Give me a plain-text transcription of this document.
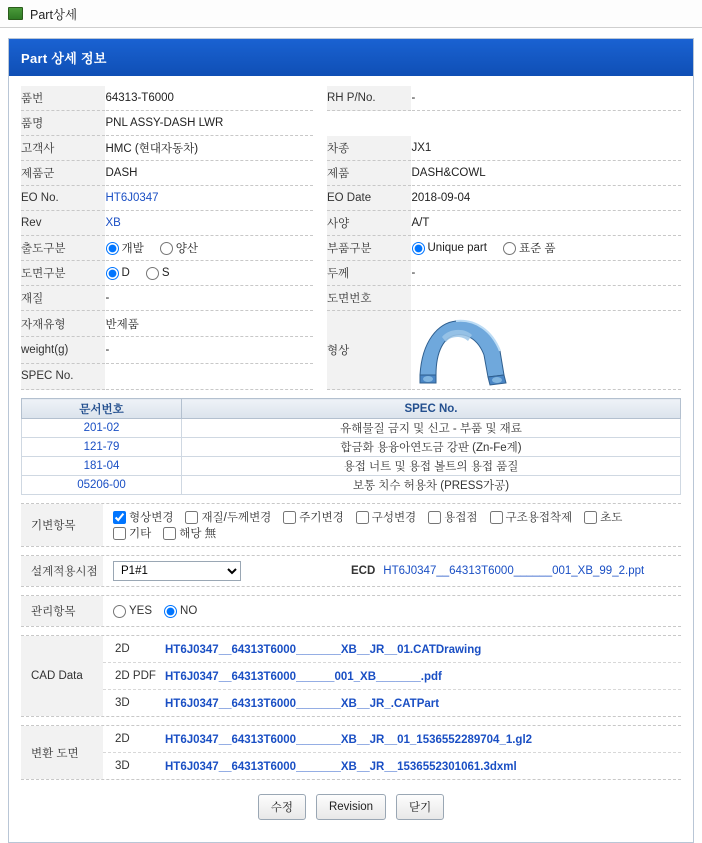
Part상세
Part 상세 정보
품번	64313-T6000		RH P/No.	-
품명	PNL ASSY-DASH LWR			
고객사	HMC (현대자동차)		차종	JX1
제품군	DASH		제품	DASH&COWL
EO No.	HT6J0347		EO Date	2018-09-04
Rev	XB		사양	A/T
출도구분	개발 양산		부품구분	Unique part 표준 품

도면구분	D S		두께	-
재질	-		도면번호	
자재유형	반제품		형상	

weight(g)	-			
SPEC No.				
문서번호	SPEC No.
201-02	유해물질 금지 및 신고 - 부품 및 재료
121-79	합금화 용융아연도금 강판 (Zn-Fe계)
181-04	용접 너트 및 용접 볼트의 용접 품질
05206-00	보통 치수 허용차 (PRESS가공)
기변항목
형상변경 재질/두께변경 주기변경 구성변경 용접점 구조용접착제 초도
기타 해당 無
설계적용시점
P1#1	ECD HT6J0347__64313T6000______001_XB_99_2.ppt
관리항목	YES NO
CAD Data
2D	HT6J0347__64313T6000_______XB__JR__01.CATDrawing
2D PDF HT6J0347__64313T6000______001_XB_______.pdf
3D	HT6J0347__64313T6000_______XB__JR_.CATPart
변환 도면
2D	HT6J0347__64313T6000_______XB__JR__01_1536552289704_1.gl2
3D	HT6J0347__64313T6000_______XB__JR__1536552301061.3dxml
수정	Revision	닫기
